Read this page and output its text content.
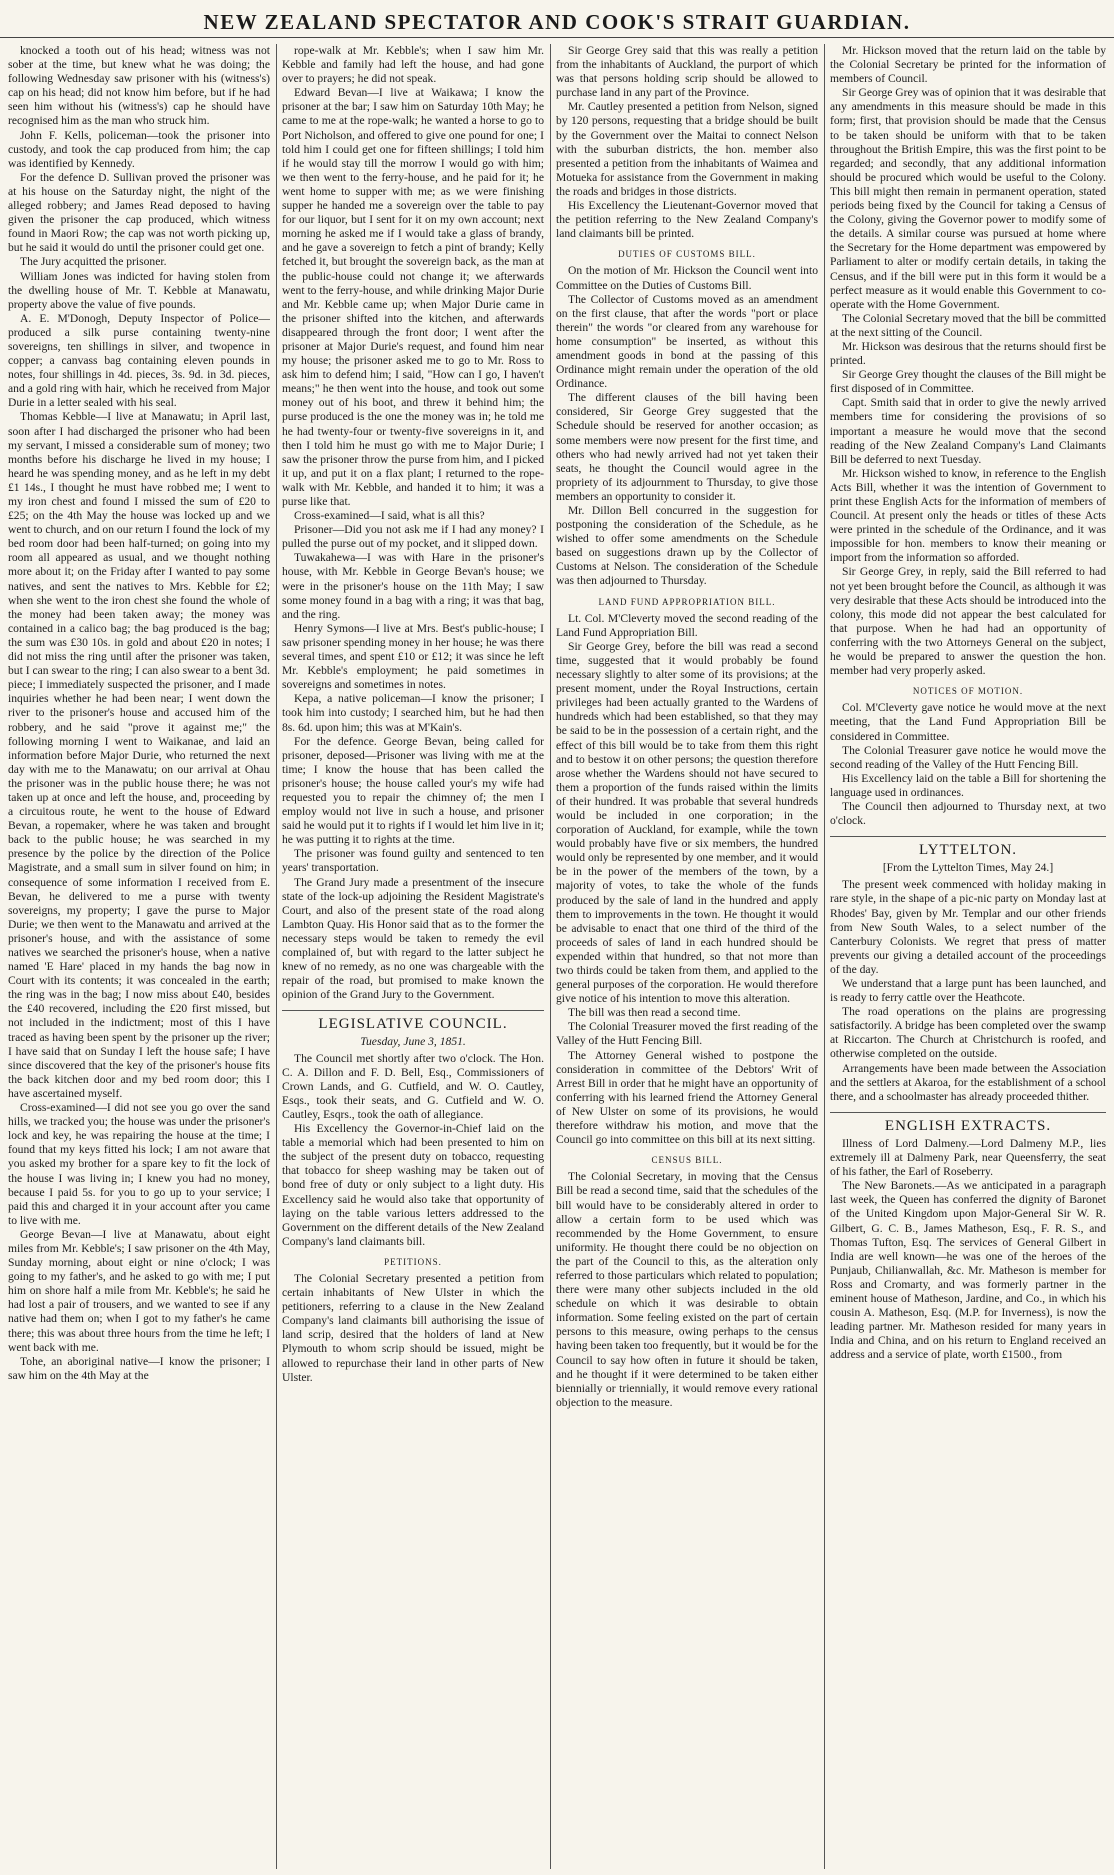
NEW ZEALAND SPECTATOR AND COOK'S STRAIT GUARDIAN.

knocked a tooth out of his head; witness was not sober at the time, but knew what he was doing; the following Wednesday saw prisoner with his (witness's) cap on his head; did not know him before, but if he had seen him without his (witness's) cap he should have recognised him as the man who struck him.

John F. Kells, policeman—took the prisoner into custody, and took the cap produced from him; the cap was identified by Kennedy.

For the defence D. Sullivan proved the prisoner was at his house on the Saturday night, the night of the alleged robbery; and James Read deposed to having given the prisoner the cap produced, which witness found in Maori Row; the cap was not worth picking up, but he said it would do until the prisoner could get one.

The Jury acquitted the prisoner.

William Jones was indicted for having stolen from the dwelling house of Mr. T. Kebble at Manawatu, property above the value of five pounds.

A. E. M'Donogh, Deputy Inspector of Police—produced a silk purse containing twenty-nine sovereigns, ten shillings in silver, and twopence in copper; a canvass bag containing eleven pounds in notes, four shillings in 4d. pieces, 3s. 9d. in 3d. pieces, and a gold ring with hair, which he received from Major Durie in a letter sealed with his seal.

Thomas Kebble—I live at Manawatu; in April last, soon after I had discharged the prisoner who had been my servant, I missed a considerable sum of money; two months before his discharge he lived in my house; I heard he was spending money, and as he left in my debt £1 14s., I thought he must have robbed me; I went to my iron chest and found I missed the sum of £20 to £25; on the 4th May the house was locked up and we went to church, and on our return I found the lock of my bed room door had been half-turned; on going into my room all appeared as usual, and we thought nothing more about it; on the Friday after I wanted to pay some natives, and sent the natives to Mrs. Kebble for £2; when she went to the iron chest she found the whole of the money had been taken away; the money was contained in a calico bag; the bag produced is the bag; the sum was £30 10s. in gold and about £20 in notes; I did not miss the ring until after the prisoner was taken, but I can swear to the ring; I can also swear to a bent 3d. piece; I immediately suspected the prisoner, and I made inquiries whether he had been near; I went down the river to the prisoner's house and accused him of the robbery, and he said "prove it against me;" the following morning I went to Waikanae, and laid an information before Major Durie, who returned the next day with me to the Manawatu; on our arrival at Ohau the prisoner was in the public house there; he was not taken up at once and left the house, and, proceeding by a circuitous route, he went to the house of Edward Bevan, a ropemaker, where he was taken and brought back to the public house; he was searched in my presence by the police by the direction of the Police Magistrate, and a small sum in silver found on him; in consequence of some information I received from E. Bevan, he delivered to me a purse with twenty sovereigns, my property; I gave the purse to Major Durie; we then went to the Manawatu and arrived at the prisoner's house, and with the assistance of some natives we searched the prisoner's house, when a native named 'E Hare' placed in my hands the bag now in Court with its contents; it was concealed in the earth; the ring was in the bag; I now miss about £40, besides the £40 recovered, including the £20 first missed, but not included in the indictment; most of this I have traced as having been spent by the prisoner up the river; I have said that on Sunday I left the house safe; I have since discovered that the key of the prisoner's house fits the back kitchen door and my bed room door; this I have ascertained myself.

Cross-examined—I did not see you go over the sand hills, we tracked you; the house was under the prisoner's lock and key, he was repairing the house at the time; I found that my keys fitted his lock; I am not aware that you asked my brother for a spare key to fit the lock of the house I was living in; I knew you had no money, because I paid 5s. for you to go up to your service; I paid this and charged it in your account after you came to live with me.

George Bevan—I live at Manawatu, about eight miles from Mr. Kebble's; I saw prisoner on the 4th May, Sunday morning, about eight or nine o'clock; I was going to my father's, and he asked to go with me; I put him on shore half a mile from Mr. Kebble's; he said he had lost a pair of trousers, and we wanted to see if any native had them on; when I got to my father's he came there; this was about three hours from the time he left; I went back with me.

Tohe, an aboriginal native—I know the prisoner; I saw him on the 4th May at the

rope-walk at Mr. Kebble's; when I saw him Mr. Kebble and family had left the house, and had gone over to prayers; he did not speak.

Edward Bevan—I live at Waikawa; I know the prisoner at the bar; I saw him on Saturday 10th May; he came to me at the rope-walk; he wanted a horse to go to Port Nicholson, and offered to give one pound for one; I told him I could get one for fifteen shillings; I told him if he would stay till the morrow I would go with him; we then went to the ferry-house, and he paid for it; he went home to supper with me; as we were finishing supper he handed me a sovereign over the table to pay for our liquor, but I sent for it on my own account; next morning he asked me if I would take a glass of brandy, and he gave a sovereign to fetch a pint of brandy; Kelly fetched it, but brought the sovereign back, as the man at the public-house could not change it; we afterwards went to the ferry-house, and while drinking Major Durie and Mr. Kebble came up; when Major Durie came in the prisoner shifted into the kitchen, and afterwards disappeared through the front door; I went after the prisoner at Major Durie's request, and found him near my house; the prisoner asked me to go to Mr. Ross to ask him to defend him; I said, "How can I go, I haven't means;" he then went into the house, and took out some money out of his boot, and threw it behind him; the purse produced is the one the money was in; he told me he had twenty-four or twenty-five sovereigns in it, and then I told him he must go with me to Major Durie; I saw the prisoner throw the purse from him, and I picked it up, and put it on a flax plant; I returned to the rope-walk with Mr. Kebble, and handed it to him; it was a purse like that.

Cross-examined—I said, what is all this?

Prisoner—Did you not ask me if I had any money? I pulled the purse out of my pocket, and it slipped down.

Tuwakahewa—I was with Hare in the prisoner's house, with Mr. Kebble in George Bevan's house; we were in the prisoner's house on the 11th May; I saw some money found in a bag with a ring; it was that bag, and the ring.

Henry Symons—I live at Mrs. Best's public-house; I saw prisoner spending money in her house; he was there several times, and spent £10 or £12; it was since he left Mr. Kebble's employment; he paid sometimes in sovereigns and sometimes in notes.

Kepa, a native policeman—I know the prisoner; I took him into custody; I searched him, but he had then 8s. 6d. upon him; this was at M'Kain's.

For the defence. George Bevan, being called for prisoner, deposed—Prisoner was living with me at the time; I know the house that has been called the prisoner's house; the house called your's my wife had requested you to repair the chimney of; the men I employ would not live in such a house, and prisoner said he would put it to rights if I would let him live in it; he was putting it to rights at the time.

The prisoner was found guilty and sentenced to ten years' transportation.

The Grand Jury made a presentment of the insecure state of the lock-up adjoining the Resident Magistrate's Court, and also of the present state of the road along Lambton Quay. His Honor said that as to the former the necessary steps would be taken to remedy the evil complained of, but with regard to the latter subject he knew of no remedy, as no one was chargeable with the repair of the road, but promised to make known the opinion of the Grand Jury to the Government.

LEGISLATIVE COUNCIL.
Tuesday, June 3, 1851.

The Council met shortly after two o'clock. The Hon. C. A. Dillon and F. D. Bell, Esq., Commissioners of Crown Lands, and G. Cutfield, and W. O. Cautley, Esqs., took their seats, and G. Cutfield and W. O. Cautley, Esqrs., took the oath of allegiance.

His Excellency the Governor-in-Chief laid on the table a memorial which had been presented to him on the subject of the present duty on tobacco, requesting that tobacco for sheep washing may be taken out of bond free of duty or only subject to a light duty. His Excellency said he would also take that opportunity of laying on the table various letters addressed to the Government on the different details of the New Zealand Company's land claimants bill.

PETITIONS.

The Colonial Secretary presented a petition from certain inhabitants of New Ulster in which the petitioners, referring to a clause in the New Zealand Company's land claimants bill authorising the issue of land scrip, desired that the holders of land at New Plymouth to whom scrip should be issued, might be allowed to repurchase their land in other parts of New Ulster.

Sir George Grey said that this was really a petition from the inhabitants of Auckland, the purport of which was that persons holding scrip should be allowed to purchase land in any part of the Province.

Mr. Cautley presented a petition from Nelson, signed by 120 persons, requesting that a bridge should be built by the Government over the Maitai to connect Nelson with the suburban districts, the hon. member also presented a petition from the inhabitants of Waimea and Motueka for assistance from the Government in making the roads and bridges in those districts.

His Excellency the Lieutenant-Governor moved that the petition referring to the New Zealand Company's land claimants bill be printed.

DUTIES OF CUSTOMS BILL.

On the motion of Mr. Hickson the Council went into Committee on the Duties of Customs Bill.

The Collector of Customs moved as an amendment on the first clause, that after the words "port or place therein" the words "or cleared from any warehouse for home consumption" be inserted, as without this amendment goods in bond at the passing of this Ordinance might remain under the operation of the old Ordinance.

The different clauses of the bill having been considered, Sir George Grey suggested that the Schedule should be reserved for another occasion; as some members were now present for the first time, and others who had newly arrived had not yet taken their seats, he thought the Council would agree in the propriety of its adjournment to Thursday, to give those members an opportunity to consider it.

Mr. Dillon Bell concurred in the suggestion for postponing the consideration of the Schedule, as he wished to offer some amendments on the Schedule based on suggestions drawn up by the Collector of Customs at Nelson. The consideration of the Schedule was then adjourned to Thursday.

LAND FUND APPROPRIATION BILL.

Lt. Col. M'Cleverty moved the second reading of the Land Fund Appropriation Bill.

Sir George Grey, before the bill was read a second time, suggested that it would probably be found necessary slightly to alter some of its provisions; at the present moment, under the Royal Instructions, certain privileges had been actually granted to the Wardens of hundreds which had been established, so that they may be said to be in the possession of a certain right, and the effect of this bill would be to take from them this right and to bestow it on other persons; the question therefore arose whether the Wardens should not have secured to them a proportion of the funds raised within the limits of their hundred. It was probable that several hundreds would be included in one corporation; in the corporation of Auckland, for example, while the town would probably have five or six members, the hundred would only be represented by one member, and it would be in the power of the members of the town, by a majority of votes, to take the whole of the funds produced by the sale of land in the hundred and apply them to improvements in the town. He thought it would be advisable to enact that one third of the third of the proceeds of sales of land in each hundred should be expended within that hundred, so that not more than two thirds could be taken from them, and applied to the general purposes of the corporation. He would therefore give notice of his intention to move this alteration.

The bill was then read a second time.

The Colonial Treasurer moved the first reading of the Valley of the Hutt Fencing Bill.

The Attorney General wished to postpone the consideration in committee of the Debtors' Writ of Arrest Bill in order that he might have an opportunity of conferring with his learned friend the Attorney General of New Ulster on some of its provisions, he would therefore withdraw his motion, and move that the Council go into committee on this bill at its next sitting.

CENSUS BILL.

The Colonial Secretary, in moving that the Census Bill be read a second time, said that the schedules of the bill would have to be considerably altered in order to allow a certain form to be used which was recommended by the Home Government, to ensure uniformity. He thought there could be no objection on the part of the Council to this, as the alteration only referred to those particulars which related to population; there were many other subjects included in the old schedule on which it was desirable to obtain information. Some feeling existed on the part of certain persons to this measure, owing perhaps to the census having been taken too frequently, but it would be for the Council to say how often in future it should be taken, and he thought if it were determined to be taken either biennially or triennially, it would remove every rational objection to the measure.

Mr. Hickson moved that the return laid on the table by the Colonial Secretary be printed for the information of members of Council.

Sir George Grey was of opinion that it was desirable that any amendments in this measure should be made in this form; first, that provision should be made that the Census to be taken should be uniform with that to be taken throughout the British Empire, this was the first point to be regarded; and secondly, that any additional information should be procured which would be useful to the Colony. This bill might then remain in permanent operation, stated periods being fixed by the Council for taking a Census of the Colony, giving the Governor power to modify some of the details. A similar course was pursued at home where the Secretary for the Home department was empowered by Parliament to alter or modify certain details, in taking the Census, and if the bill were put in this form it would be a perfect measure as it would enable this Government to co-operate with the Home Government.

The Colonial Secretary moved that the bill be committed at the next sitting of the Council.

Mr. Hickson was desirous that the returns should first be printed.

Sir George Grey thought the clauses of the Bill might be first disposed of in Committee.

Capt. Smith said that in order to give the newly arrived members time for considering the provisions of so important a measure he would move that the second reading of the New Zealand Company's Land Claimants Bill be deferred to next Tuesday.

Mr. Hickson wished to know, in reference to the English Acts Bill, whether it was the intention of Government to print these English Acts for the information of members of Council. At present only the heads or titles of these Acts were printed in the schedule of the Ordinance, and it was impossible for hon. members to know their meaning or import from the information so afforded.

Sir George Grey, in reply, said the Bill referred to had not yet been brought before the Council, as although it was very desirable that these Acts should be introduced into the colony, this mode did not appear the best calculated for that purpose. When he had had an opportunity of conferring with the two Attorneys General on the subject, he would be prepared to answer the question the hon. member had very properly asked.

NOTICES OF MOTION.

Col. M'Cleverty gave notice he would move at the next meeting, that the Land Fund Appropriation Bill be considered in Committee.

The Colonial Treasurer gave notice he would move the second reading of the Valley of the Hutt Fencing Bill.

His Excellency laid on the table a Bill for shortening the language used in ordinances.

The Council then adjourned to Thursday next, at two o'clock.

LYTTELTON.
[From the Lyttelton Times, May 24.]

The present week commenced with holiday making in rare style, in the shape of a pic-nic party on Monday last at Rhodes' Bay, given by Mr. Templar and our other friends from New South Wales, to a select number of the Canterbury Colonists. We regret that press of matter prevents our giving a detailed account of the proceedings of the day.

We understand that a large punt has been launched, and is ready to ferry cattle over the Heathcote.

The road operations on the plains are progressing satisfactorily. A bridge has been completed over the swamp at Riccarton. The Church at Christchurch is roofed, and otherwise completed on the outside.

Arrangements have been made between the Association and the settlers at Akaroa, for the establishment of a school there, and a schoolmaster has already proceeded thither.

ENGLISH EXTRACTS.

Illness of Lord Dalmeny.—Lord Dalmeny M.P., lies extremely ill at Dalmeny Park, near Queensferry, the seat of his father, the Earl of Roseberry.

The New Baronets.—As we anticipated in a paragraph last week, the Queen has conferred the dignity of Baronet of the United Kingdom upon Major-General Sir W. R. Gilbert, G. C. B., James Matheson, Esq., F. R. S., and Thomas Tufton, Esq. The services of General Gilbert in India are well known—he was one of the heroes of the Punjaub, Chilianwallah, &c. Mr. Matheson is member for Ross and Cromarty, and was formerly partner in the eminent house of Matheson, Jardine, and Co., in which his cousin A. Matheson, Esq. (M.P. for Inverness), is now the leading partner. Mr. Matheson resided for many years in India and China, and on his return to England received an address and a service of plate, worth £1500., from
